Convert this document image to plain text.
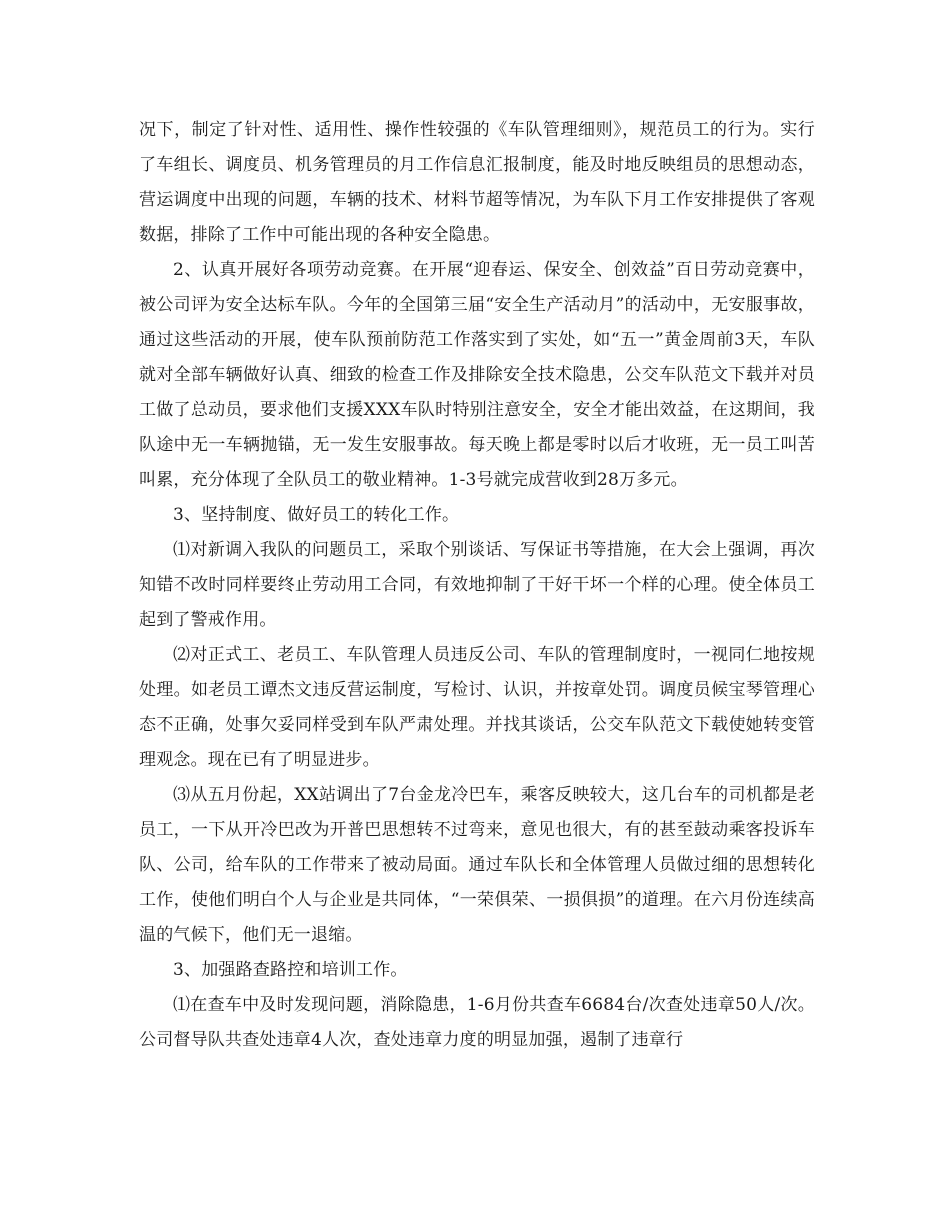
况下，制定了针对性、适用性、操作性较强的《车队管理细则》，规范员工的行为。实行了车组长、调度员、机务管理员的月工作信息汇报制度，能及时地反映组员的思想动态，营运调度中出现的问题，车辆的技术、材料节超等情况，为车队下月工作安排提供了客观数据，排除了工作中可能出现的各种安全隐患。

2、认真开展好各项劳动竞赛。在开展“迎春运、保安全、创效益”百日劳动竞赛中，被公司评为安全达标车队。今年的全国第三届“安全生产活动月”的活动中，无安服事故，通过这些活动的开展，使车队预前防范工作落实到了实处，如“五一”黄金周前3天，车队就对全部车辆做好认真、细致的检查工作及排除安全技术隐患，公交车队范文下载并对员工做了总动员，要求他们支援XXX车队时特别注意安全，安全才能出效益，在这期间，我队途中无一车辆抛锚，无一发生安服事故。每天晚上都是零时以后才收班，无一员工叫苦叫累，充分体现了全队员工的敬业精神。1-3号就完成营收到28万多元。

3、坚持制度、做好员工的转化工作。

⑴对新调入我队的问题员工，采取个别谈话、写保证书等措施，在大会上强调，再次知错不改时同样要终止劳动用工合同，有效地抑制了干好干坏一个样的心理。使全体员工起到了警戒作用。

⑵对正式工、老员工、车队管理人员违反公司、车队的管理制度时，一视同仁地按规处理。如老员工谭杰文违反营运制度，写检讨、认识，并按章处罚。调度员候宝琴管理心态不正确，处事欠妥同样受到车队严肃处理。并找其谈话，公交车队范文下载使她转变管理观念。现在已有了明显进步。

⑶从五月份起，XX站调出了7台金龙冷巴车，乘客反映较大，这几台车的司机都是老员工，一下从开冷巴改为开普巴思想转不过弯来，意见也很大，有的甚至鼓动乘客投诉车队、公司，给车队的工作带来了被动局面。通过车队长和全体管理人员做过细的思想转化工作，使他们明白个人与企业是共同体，“一荣俱荣、一损俱损”的道理。在六月份连续高温的气候下，他们无一退缩。

3、加强路查路控和培训工作。

⑴在查车中及时发现问题，消除隐患，1-6月份共查车6684台/次查处违章50人/次。公司督导队共查处违章4人次，查处违章力度的明显加强，遏制了违章行
